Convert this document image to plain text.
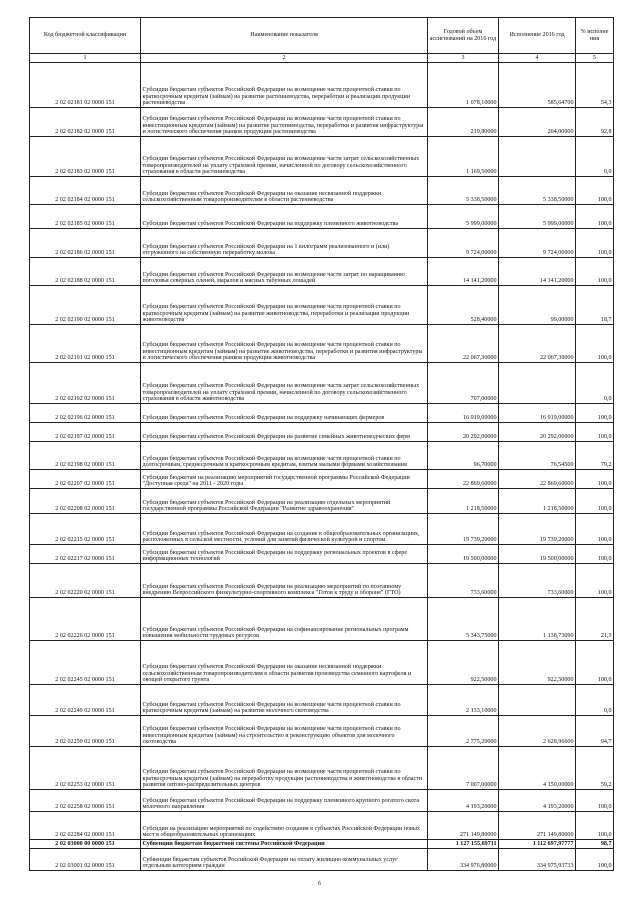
Код бюджетной классификации	Наименование показателя	Годовой объем ассигнований на 2016 год	Исполнение 2016 год	% исполне ния
1	2	3	4	5
2 02 02181 02 0000 151	Субсидии бюджетам субъектов Российской Федерации на возмещение части процентной ставки по краткосрочным кредитам (займам) на развитие растениеводства, переработки и реализации продукции растениеводства	1 078,10000	585,64700	54,3
2 02 02182 02 0000 151	Субсидии бюджетам субъектов Российской Федерации на возмещение части процентной ставки по инвестиционным кредитам (займам) на развитие растениеводства, переработки и развития инфраструктуры и логистического обеспечения рынков продукции растениеводства	219,80000	204,00000	92,8
2 02 02183 02 0000 151	Субсидии бюджетам субъектов Российской Федерации на возмещение части затрат сельскохозяйственных товаропроизводителей на уплату страховой премии, начисленной по договору сельскохозяйственного страхования в области растениеводства	1 169,50000		0,0
2 02 02184 02 0000 151	Субсидии бюджетам субъектов Российской Федерации на оказание несвязанной поддержки сельскохозяйственным товаропроизводителям в области растениеводства	5 338,50000	5 338,50000	100,0
2 02 02185 02 0000 151	Субсидии бюджетам субъектов Российской Федерации на поддержку племенного животноводства	5 999,00000	5 999,00000	100,0
2 02 02186 02 0000 151	Субсидии бюджетам субъектов Российской Федерации на 1 килограмм реализованного и (или) отгруженного на собственную переработку молока	9 724,00000	9 724,00000	100,0
2 02 02188 02 0000 151	Субсидии бюджетам субъектов Российской Федерации на возмещение части затрат по наращиванию поголовья северных оленей, маралов и мясных табунных лошадей	14 141,20000	14 141,20000	100,0
2 02 02190 02 0000 151	Субсидии бюджетам субъектов Российской Федерации на возмещение части процентной ставки по краткосрочным кредитам (займам) на развитие животноводства, переработки и реализации продукции животноводства	528,40000	99,00000	18,7
2 02 02191 02 0000 151	Субсидии бюджетам субъектов Российской Федерации на возмещение части процентной ставки по инвестиционным кредитам (займам) на развитие животноводства, переработки и развития инфраструктуры и логистического обеспечения рынков продукции животноводства	22 067,30000	22 067,30000	100,0
2 02 02192 02 0000 151	Субсидии бюджетам субъектов Российской Федерации на возмещение части затрат сельскохозяйственных товаропроизводителей на уплату страховой премии, начисленной по договору сельскохозяйственного страхования в области животноводства	707,00000		0,0
2 02 02196 02 0000 151	Субсидии бюджетам субъектов Российской Федерации на поддержку начинающих фермеров	16 919,00000	16 919,00000	100,0
2 02 02197 02 0000 151	Субсидии бюджетам субъектов Российской Федерации на развитие семейных животноводческих ферм	20 292,00000	20 292,00000	100,0
2 02 02198 02 0000 151	Субсидии бюджетам субъектов Российской Федерации на возмещение части процентной ставки по долгосрочным, среднесрочным и краткосрочным кредитам, взятым малыми формами хозяйствования	96,70000	76,54500	79,2
2 02 02207 02 0000 151	Субсидии бюджетам на реализацию мероприятий государственной программы Российской Федерации "Доступная среда" на 2011 - 2020 годы	22 869,60000	22 869,60000	100,0
2 02 02208 02 0000 151	Субсидии бюджетам субъектов Российской Федерации на реализацию отдельных мероприятий государственной программы Российской Федерации "Развитие здравоохранения"	1 218,50000	1 218,50000	100,0
2 02 02215 02 0000 151	Субсидии бюджетам субъектов Российской Федерации на создание в общеобразовательных организациях, расположенных в сельской местности, условий для занятий физической культурой и спортом	19 739,20000	19 739,20000	100,0
2 02 02217 02 0000 151	Субсидии бюджетам субъектов Российской Федерации на поддержку региональных проектов в сфере информационных технологий	19 500,00000	19 500,00000	100,0
2 02 02220 02 0000 151	Субсидии бюджетам субъектов Российской Федерации на реализацию мероприятий по поэтапному внедрению Всероссийского физкультурно-спортивного комплекса "Готов к труду и обороне" (ГТО)	733,60000	733,60000	100,0
2 02 02226 02 0000 151	Субсидии бюджетам субъектов Российской Федерации на софинансирование региональных программ повышения мобильности трудовых ресурсов	5 343,75000	1 138,73090	21,3
2 02 02245 02 0000 151	Субсидии бюджетам субъектов Российской Федерации на оказание несвязанной поддержки сельскохозяйственным товаропроизводителям в области развития производства семенного картофеля и овощей открытого грунта	922,50000	922,50000	100,0
2 02 02249 02 0000 151	Субсидии бюджетам субъектов Российской Федерации на возмещение части процентной ставки по краткосрочным кредитам (займам) на развитие молочного скотоводства	2 133,10000		0,0
2 02 02250 02 0000 151	Субсидии бюджетам субъектов Российской Федерации на возмещение части процентной ставки по инвестиционным кредитам (займам) на строительство и реконструкцию объектов для молочного скотоводства	2 775,20000	2 628,96600	94,7
2 02 02253 02 0000 151	Субсидии бюджетам субъектов Российской Федерации на возмещение части процентной ставки по краткосрочным кредитам (займам) на переработку продукции растениеводства и животноводства в области развития оптово-распределительных центров	7 007,00000	4 150,00000	59,2
2 02 02258 02 0000 151	Субсидии бюджетам субъектов Российской Федерации на поддержку племенного крупного рогатого скота молочного направления	4 193,20000	4 193,20000	100,0
2 02 02284 02 0000 151	Субсидии на реализацию мероприятий по содействию создания в субъектах Российской Федерации новых мест в общеобразовательных организациях	271 149,80000	271 149,80000	100,0
2 02 03000 00 0000 151	Субвенции бюджетам бюджетной системы Российской Федерации	1 127 155,69711	1 112 697,97777	98,7
2 02 03001 02 0000 151	Субвенции бюджетам субъектов Российской Федерации на оплату жилищно-коммунальных услуг отдельным категориям граждан	334 976,80000	334 975,93733	100,0
6
